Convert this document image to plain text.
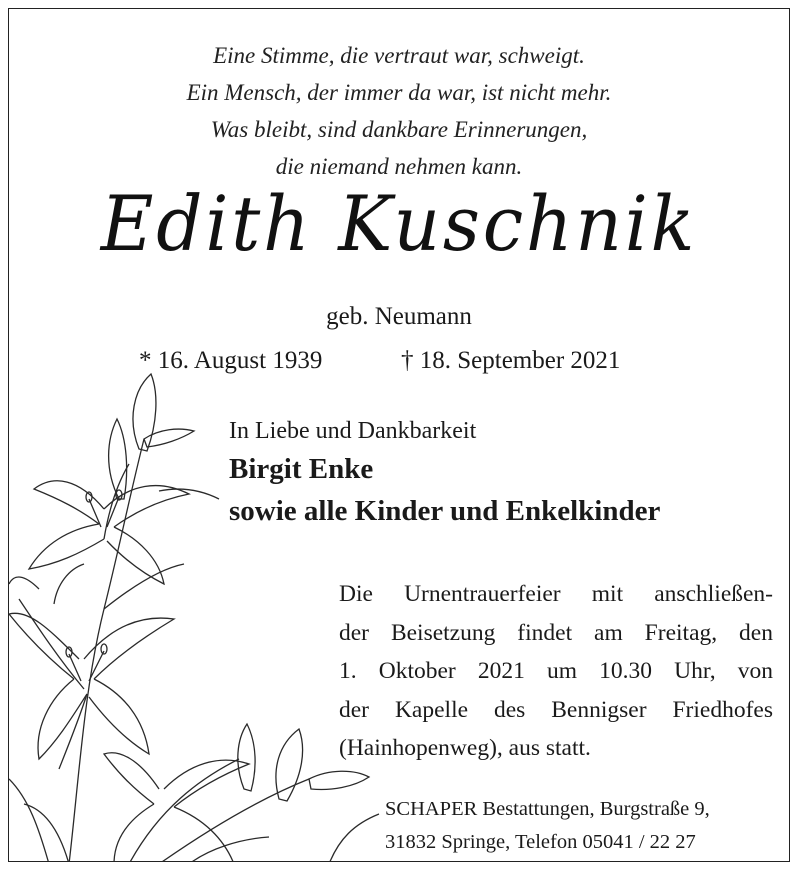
Eine Stimme, die vertraut war, schweigt.
Ein Mensch, der immer da war, ist nicht mehr.
Was bleibt, sind dankbare Erinnerungen,
die niemand nehmen kann.
Edith Kuschnik
geb. Neumann
* 16. August 1939	† 18. September 2021
In Liebe und Dankbarkeit
Birgit Enke
sowie alle Kinder und Enkelkinder
Die Urnentrauerfeier mit anschließen-
der Beisetzung findet am Freitag, den
1. Oktober 2021 um 10.30 Uhr, von
der Kapelle des Bennigser Friedhofes
(Hainhopenweg), aus statt.
SCHAPER Bestattungen, Burgstraße 9,
31832 Springe, Telefon 05041 / 22 27
